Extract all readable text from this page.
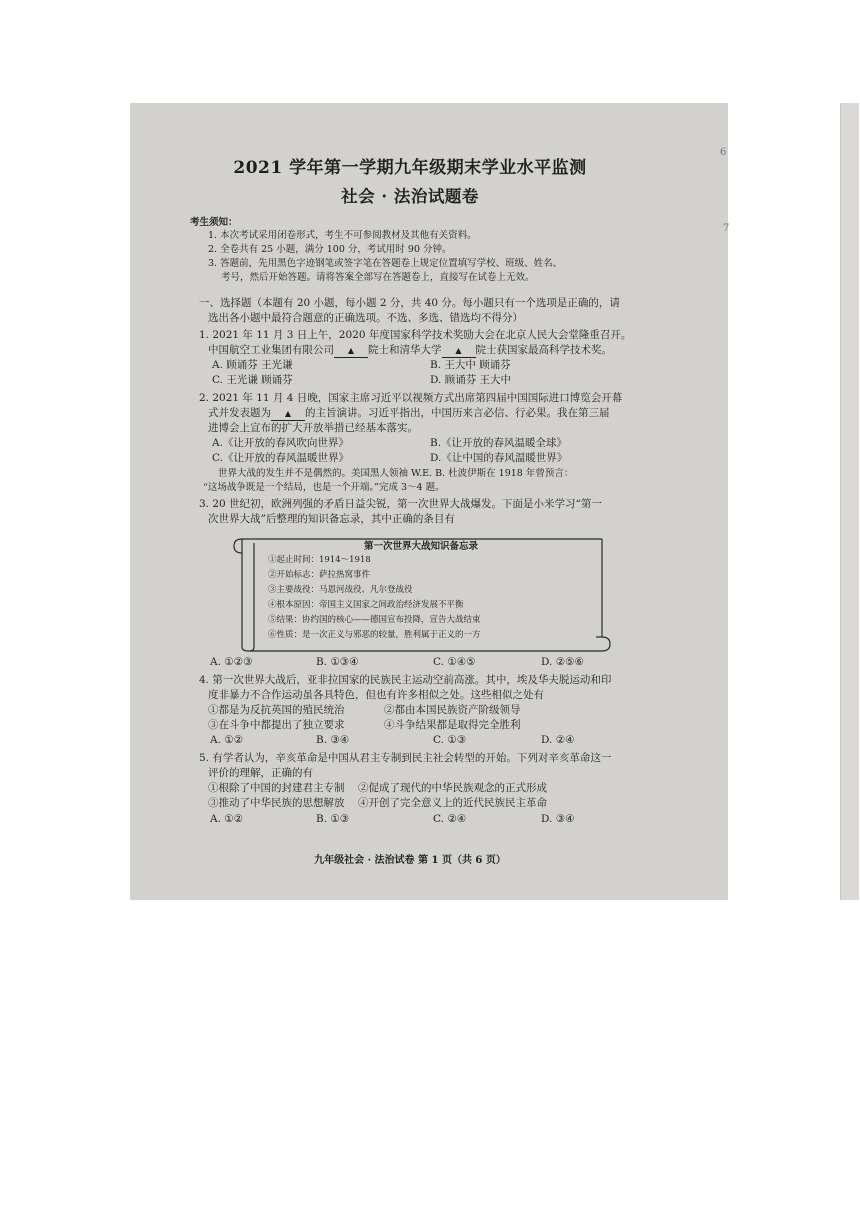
6
7
2021 学年第一学期九年级期末学业水平监测
社会 · 法治试题卷
考生须知：
1. 本次考试采用闭卷形式，考生不可参阅教材及其他有关资料。
2. 全卷共有 25 小题，满分 100 分，考试用时 90 分钟。
3. 答题前，先用黑色字迹钢笔或签字笔在答题卷上规定位置填写学校、班级、姓名、
考号，然后开始答题。请将答案全部写在答题卷上，直接写在试卷上无效。
一、选择题（本题有 20 小题，每小题 2 分，共 40 分。每小题只有一个选项是正确的，请
选出各小题中最符合题意的正确选项。不选、多选、错选均不得分）
1. 2021 年 11 月 3 日上午，2020 年度国家科学技术奖励大会在北京人民大会堂隆重召开。
中国航空工业集团有限公司 ▲ 院士和清华大学 ▲ 院士获国家最高科学技术奖。
A. 顾诵芬 王光谦	B. 王大中 顾诵芬
C. 王光谦 顾诵芬	D. 顾诵芬 王大中
2. 2021 年 11 月 4 日晚，国家主席习近平以视频方式出席第四届中国国际进口博览会开幕
式并发表题为 ▲ 的主旨演讲。习近平指出，中国历来言必信、行必果。我在第三届
进博会上宣布的扩大开放举措已经基本落实。
A.《让开放的春风吹向世界》	B.《让开放的春风温暖全球》
C.《让开放的春风温暖世界》	D.《让中国的春风温暖世界》
世界大战的发生并不是偶然的。美国黑人领袖 W.E. B. 杜波伊斯在 1918 年曾预言：
“这场战争既是一个结局，也是一个开端。”完成 3～4 题。
3. 20 世纪初，欧洲列强的矛盾日益尖锐，第一次世界大战爆发。下面是小米学习“第一
次世界大战”后整理的知识备忘录，其中正确的条目有
第一次世界大战知识备忘录
①起止时间：1914～1918
②开始标志：萨拉热窝事件
③主要战役：马恩河战役、凡尔登战役
④根本原因：帝国主义国家之间政治经济发展不平衡
⑤结果：协约国的核心——德国宣布投降，宣告大战结束
⑥性质：是一次正义与邪恶的较量，胜利属于正义的一方
A. ①②③	B. ①③④	C. ①④⑤	D. ②⑤⑥
4. 第一次世界大战后，亚非拉国家的民族民主运动空前高涨。其中，埃及华夫脱运动和印
度非暴力不合作运动虽各具特色，但也有许多相似之处。这些相似之处有
①都是为反抗英国的殖民统治	②都由本国民族资产阶级领导
③在斗争中都提出了独立要求	④斗争结果都是取得完全胜利
A. ①②	B. ③④	C. ①③	D. ②④
5. 有学者认为，辛亥革命是中国从君主专制到民主社会转型的开始。下列对辛亥革命这一
评价的理解，正确的有
①根除了中国的封建君主专制 ②促成了现代的中华民族观念的正式形成
③推动了中华民族的思想解放 ④开创了完全意义上的近代民族民主革命
A. ①②	B. ①③	C. ②④	D. ③④
九年级社会 · 法治试卷 第 1 页（共 6 页）
